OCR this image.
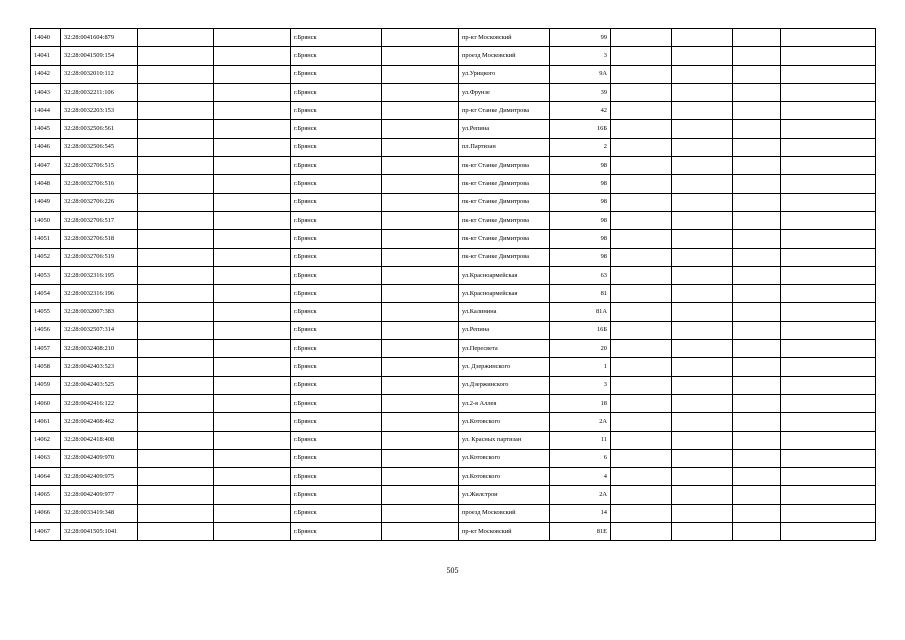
14040	32:28:0041604:879			г.Брянск		пр-кт Московский	99				
14041	32:28:0041509:154			г.Брянск		проезд Московский	3				
14042	32:28:0032010:112			г.Брянск		ул.Урицкого	9А				
14043	32:28:0032211:106			г.Брянск		ул.Фрунзе	39				
14044	32:28:0032203:153			г.Брянск		пр-кт Станке Димитрова	42				
14045	32:28:0032506:561			г.Брянск		ул.Репина	16Б				
14046	32:28:0032506:545			г.Брянск		пл.Партизан	2				
14047	32:28:0032706:515			г.Брянск		пк-кт Станке Димитрова	98				
14048	32:28:0032706:516			г.Брянск		пк-кт Станке Димитрова	98				
14049	32:28:0032706:226			г.Брянск		пк-кт Станке Димитрова	98				
14050	32:28:0032706:517			г.Брянск		пк-кт Станке Димитрова	98				
14051	32:28:0032706:518			г.Брянск		пк-кт Станке Димитрова	98				
14052	32:28:0032706:519			г.Брянск		пк-кт Станке Димитрова	98				
14053	32:28:0032316:195			г.Брянск		ул.Красноармейская	63				
14054	32:28:0032316:196			г.Брянск		ул.Красноармейская	81				
14055	32:28:0032007:383			г.Брянск		ул.Калинина	81А				
14056	32:28:0032507:314			г.Брянск		ул.Репина	16Б				
14057	32:28:0032408:210			г.Брянск		ул.Пересвета	20				
14058	32:28:0042403:523			г.Брянск		ул. Дзержинского	1				
14059	32:28:0042403:525			г.Брянск		ул.Дзержинского	3				
14060	32:28:0042416:122			г.Брянск		ул.2-я Аллея	18				
14061	32:28:0042408:462			г.Брянск		ул.Котовского	2А				
14062	32:28:0042418:408			г.Брянск		ул. Красных партизан	11				
14063	32:28:0042409:970			г.Брянск		ул.Котовского	6				
14064	32:28:0042409:975			г.Брянск		ул.Котовского	4				
14065	32:28:0042409:977			г.Брянск		ул.Жилстрои	2А				
14066	32:28:0033419:348			г.Брянск		проезд Московский	14				
14067	32:28:0041505:1041			г.Брянск		пр-кт Московский	81Е				
505
